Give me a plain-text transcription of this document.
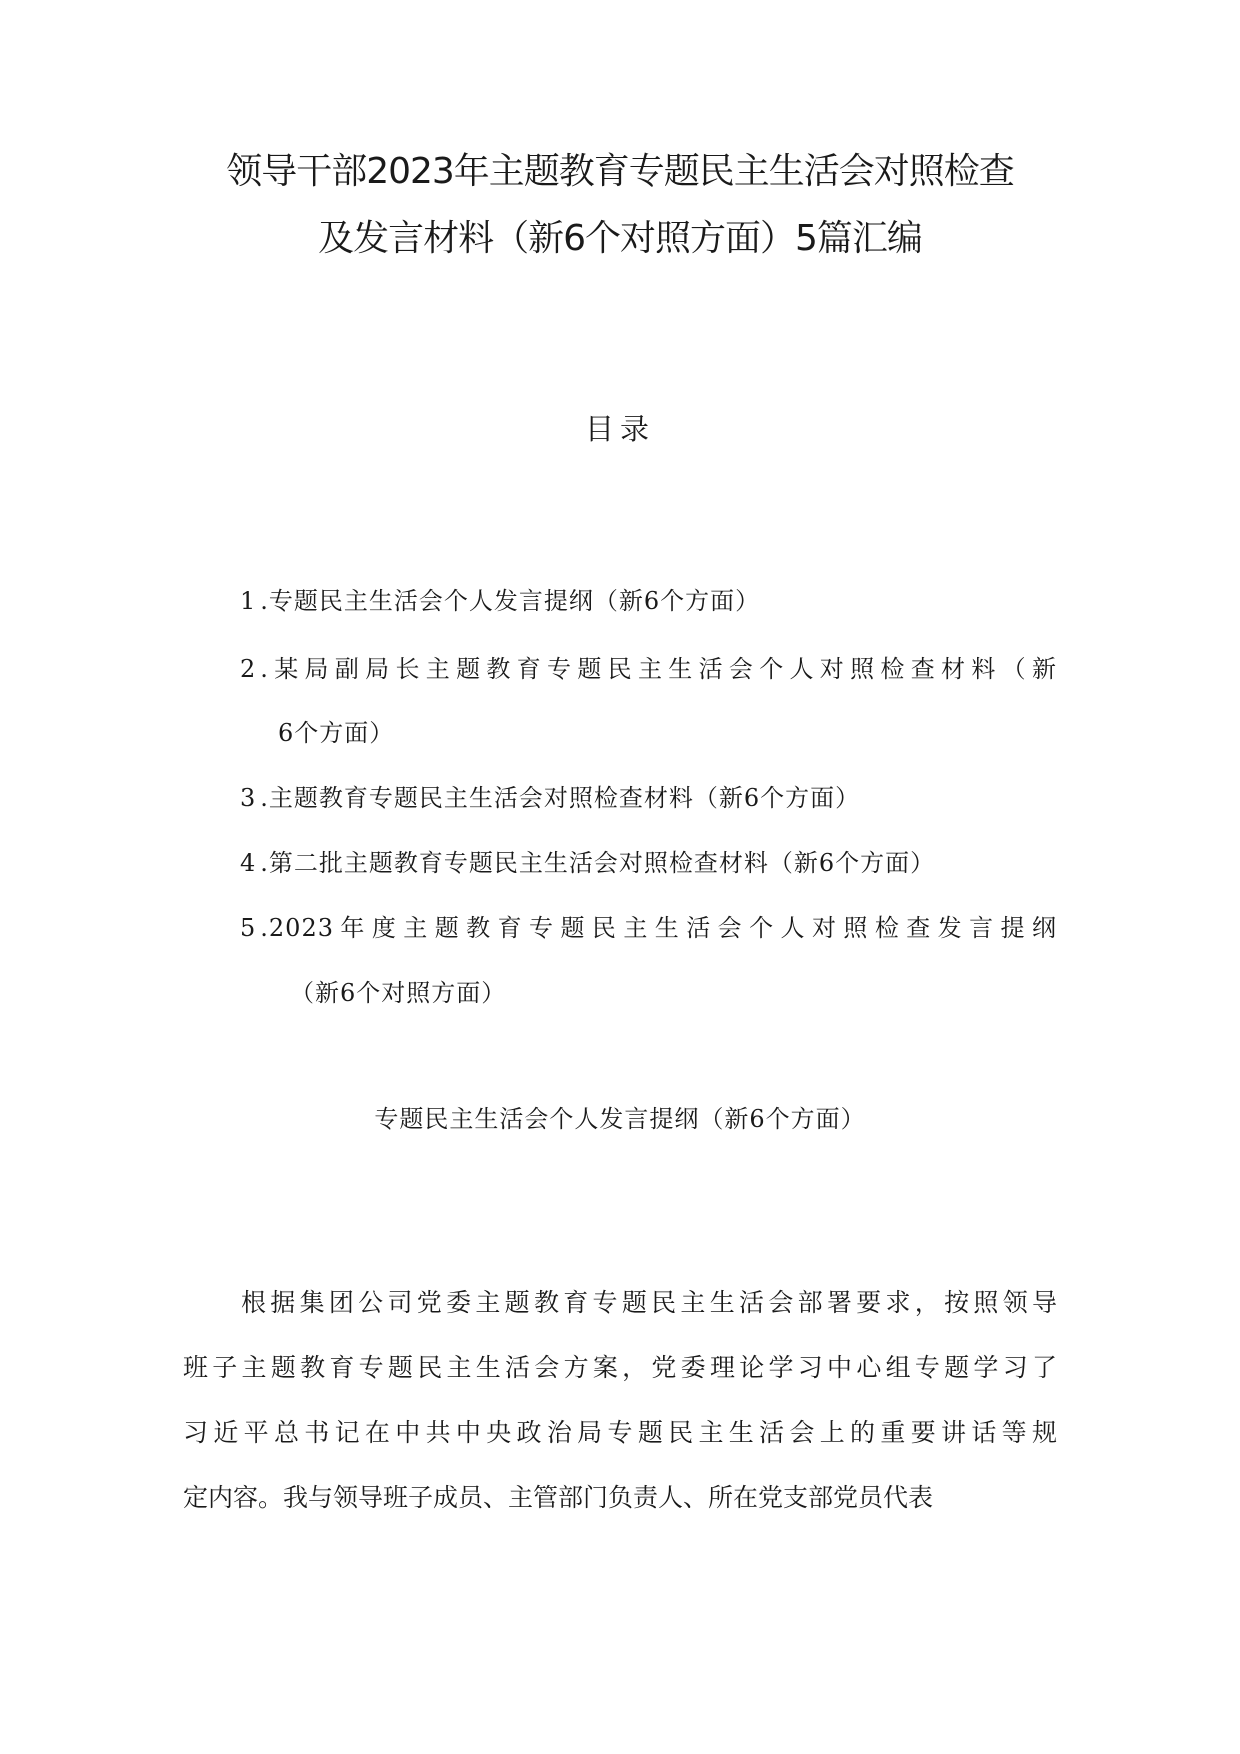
领导干部2023年主题教育专题民主生活会对照检查
及发言材料（新6个对照方面）5篇汇编
目录
1 .专题民主生活会个人发言提纲（新6个方面）
2 .某局副局长主题教育专题民主生活会个人对照检查材料（新
6个方面）
3 .主题教育专题民主生活会对照检查材料（新6个方面）
4 .第二批主题教育专题民主生活会对照检查材料（新6个方面）
5 .2023年度主题教育专题民主生活会个人对照检查发言提纲
（新6个对照方面）
专题民主生活会个人发言提纲（新6个方面）
根据集团公司党委主题教育专题民主生活会部署要求，按照领导
班子主题教育专题民主生活会方案，党委理论学习中心组专题学习了
习近平总书记在中共中央政治局专题民主生活会上的重要讲话等规
定内容。我与领导班子成员、主管部门负责人、所在党支部党员代表
